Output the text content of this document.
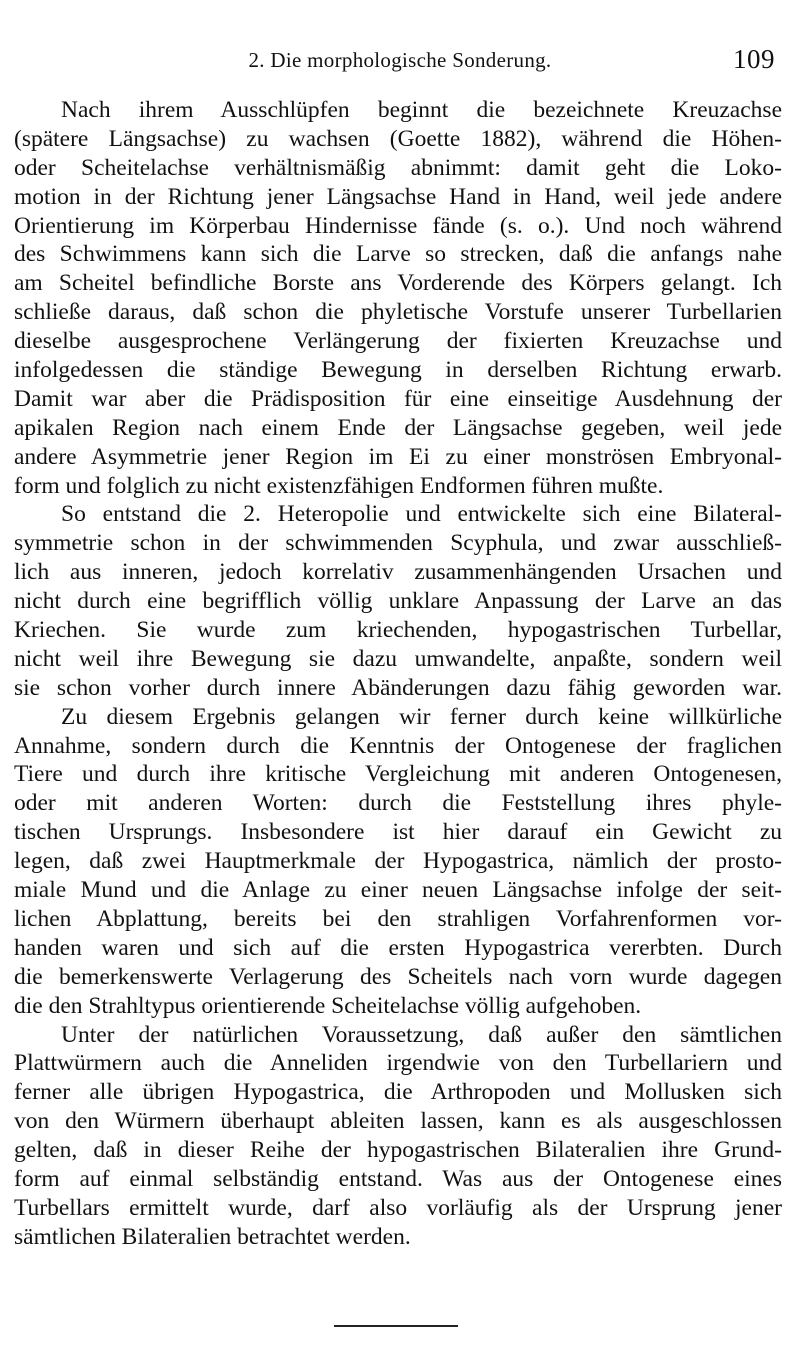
2. Die morphologische Sonderung.	109
Nach ihrem Ausschlüpfen beginnt die bezeichnete Kreuzachse
(spätere Längsachse) zu wachsen (Goette 1882), während die Höhen-
oder Scheitelachse verhältnismäßig abnimmt: damit geht die Loko-
motion in der Richtung jener Längsachse Hand in Hand, weil jede andere
Orientierung im Körperbau Hindernisse fände (s. o.). Und noch während
des Schwimmens kann sich die Larve so strecken, daß die anfangs nahe
am Scheitel befindliche Borste ans Vorderende des Körpers gelangt. Ich
schließe daraus, daß schon die phyletische Vorstufe unserer Turbellarien
dieselbe ausgesprochene Verlängerung der fixierten Kreuzachse und
infolgedessen die ständige Bewegung in derselben Richtung erwarb.
Damit war aber die Prädisposition für eine einseitige Ausdehnung der
apikalen Region nach einem Ende der Längsachse gegeben, weil jede
andere Asymmetrie jener Region im Ei zu einer monströsen Embryonal-
form und folglich zu nicht existenzfähigen Endformen führen mußte.
So entstand die 2. Heteropolie und entwickelte sich eine Bilateral-
symmetrie schon in der schwimmenden Scyphula, und zwar ausschließ-
lich aus inneren, jedoch korrelativ zusammenhängenden Ursachen und
nicht durch eine begrifflich völlig unklare Anpassung der Larve an das
Kriechen. Sie wurde zum kriechenden, hypogastrischen Turbellar,
nicht weil ihre Bewegung sie dazu umwandelte, anpaßte, sondern weil
sie schon vorher durch innere Abänderungen dazu fähig geworden war.
Zu diesem Ergebnis gelangen wir ferner durch keine willkürliche
Annahme, sondern durch die Kenntnis der Ontogenese der fraglichen
Tiere und durch ihre kritische Vergleichung mit anderen Ontogenesen,
oder mit anderen Worten: durch die Feststellung ihres phyle-
tischen Ursprungs. Insbesondere ist hier darauf ein Gewicht zu
legen, daß zwei Hauptmerkmale der Hypogastrica, nämlich der prosto-
miale Mund und die Anlage zu einer neuen Längsachse infolge der seit-
lichen Abplattung, bereits bei den strahligen Vorfahrenformen vor-
handen waren und sich auf die ersten Hypogastrica vererbten. Durch
die bemerkenswerte Verlagerung des Scheitels nach vorn wurde dagegen
die den Strahltypus orientierende Scheitelachse völlig aufgehoben.
Unter der natürlichen Voraussetzung, daß außer den sämtlichen
Plattwürmern auch die Anneliden irgendwie von den Turbellariern und
ferner alle übrigen Hypogastrica, die Arthropoden und Mollusken sich
von den Würmern überhaupt ableiten lassen, kann es als ausgeschlossen
gelten, daß in dieser Reihe der hypogastrischen Bilateralien ihre Grund-
form auf einmal selbständig entstand. Was aus der Ontogenese eines
Turbellars ermittelt wurde, darf also vorläufig als der Ursprung jener
sämtlichen Bilateralien betrachtet werden.
